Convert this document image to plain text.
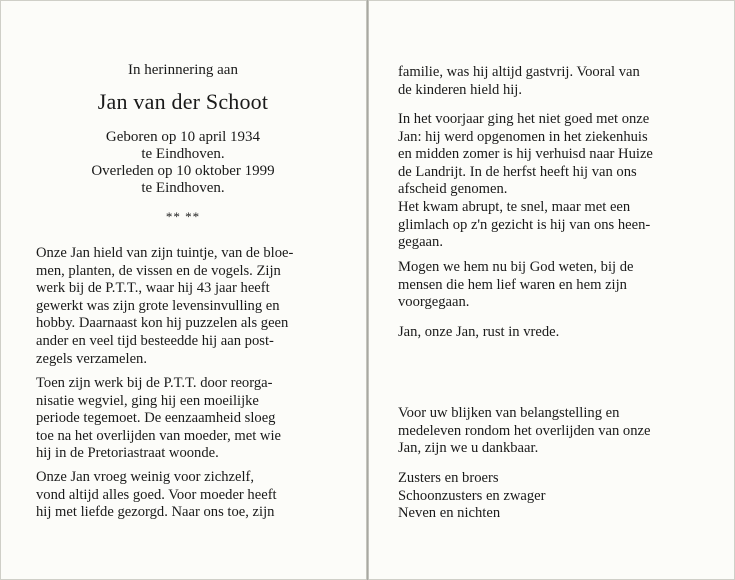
In herinnering aan
Jan van der Schoot
Geboren op 10 april 1934
te Eindhoven.
Overleden op 10 oktober 1999
te Eindhoven.
** **

Onze Jan hield van zijn tuintje, van de bloe-
men, planten, de vissen en de vogels. Zijn
werk bij de P.T.T., waar hij 43 jaar heeft
gewerkt was zijn grote levensinvulling en
hobby. Daarnaast kon hij puzzelen als geen
ander en veel tijd besteedde hij aan post-
zegels verzamelen.

Toen zijn werk bij de P.T.T. door reorga-
nisatie wegviel, ging hij een moeilijke
periode tegemoet. De eenzaamheid sloeg
toe na het overlijden van moeder, met wie
hij in de Pretoriastraat woonde.

Onze Jan vroeg weinig voor zichzelf,
vond altijd alles goed. Voor moeder heeft
hij met liefde gezorgd. Naar ons toe, zijn

familie, was hij altijd gastvrij. Vooral van
de kinderen hield hij.

In het voorjaar ging het niet goed met onze
Jan: hij werd opgenomen in het ziekenhuis
en midden zomer is hij verhuisd naar Huize
de Landrijt. In de herfst heeft hij van ons
afscheid genomen.
Het kwam abrupt, te snel, maar met een
glimlach op z'n gezicht is hij van ons heen-
gegaan.

Mogen we hem nu bij God weten, bij de
mensen die hem lief waren en hem zijn
voorgegaan.

Jan, onze Jan, rust in vrede.

Voor uw blijken van belangstelling en
medeleven rondom het overlijden van onze
Jan, zijn we u dankbaar.

Zusters en broers
Schoonzusters en zwager
Neven en nichten
